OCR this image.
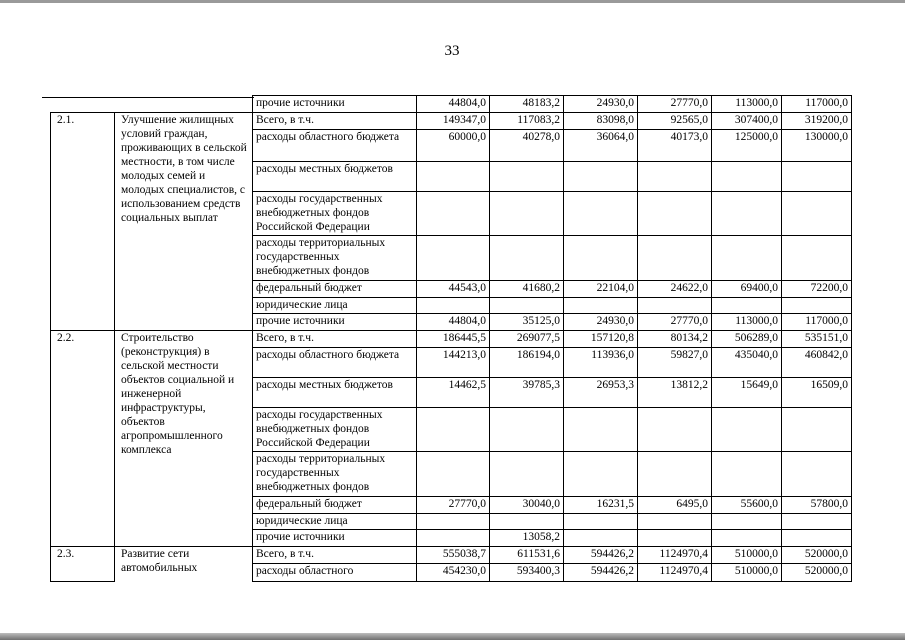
33
		прочие источники	44804,0	48183,2	24930,0	27770,0	113000,0	117000,0
2.1.	Улучшение жилищных условий граждан, проживающих в сельской местности, в том числе молодых семей и молодых специалистов, с использованием средств социальных выплат	Всего, в т.ч.	149347,0	117083,2	83098,0	92565,0	307400,0	319200,0
		расходы областного бюджета	60000,0	40278,0	36064,0	40173,0	125000,0	130000,0
		расходы местных бюджетов						
		расходы государственных внебюджетных фондов Российской Федерации						
		расходы территориальных государственных внебюджетных фондов						
		федеральный бюджет	44543,0	41680,2	22104,0	24622,0	69400,0	72200,0
		юридические лица						
		прочие источники	44804,0	35125,0	24930,0	27770,0	113000,0	117000,0
2.2.	Строительство (реконструкция) в сельской местности объектов социальной и инженерной инфраструктуры, объектов агропромышленного комплекса	Всего, в т.ч.	186445,5	269077,5	157120,8	80134,2	506289,0	535151,0
		расходы областного бюджета	144213,0	186194,0	113936,0	59827,0	435040,0	460842,0
		расходы местных бюджетов	14462,5	39785,3	26953,3	13812,2	15649,0	16509,0
		расходы государственных внебюджетных фондов Российской Федерации						
		расходы территориальных государственных внебюджетных фондов						
		федеральный бюджет	27770,0	30040,0	16231,5	6495,0	55600,0	57800,0
		юридические лица						
		прочие источники		13058,2				
2.3.	Развитие сети автомобильных	Всего, в т.ч.	555038,7	611531,6	594426,2	1124970,4	510000,0	520000,0
		расходы областного	454230,0	593400,3	594426,2	1124970,4	510000,0	520000,0
